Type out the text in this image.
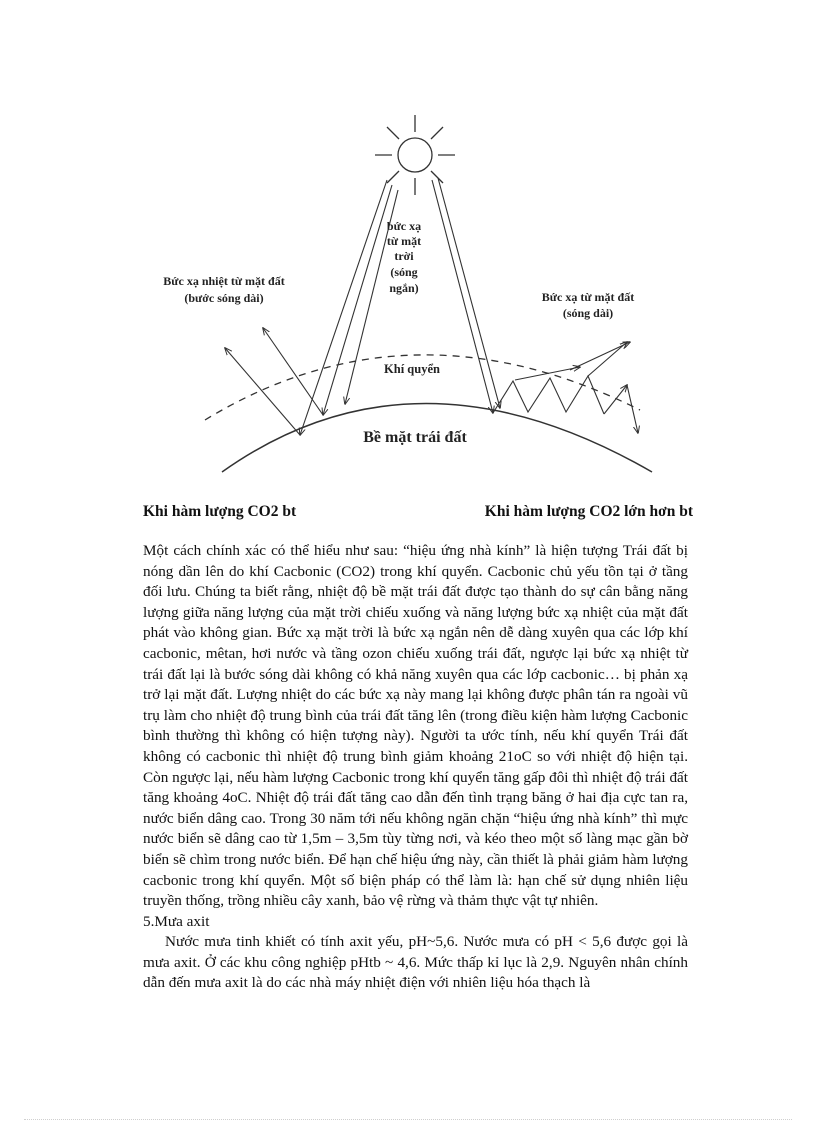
bức xạ
từ mặt
trời
(sóng
ngắn)
Bức xạ nhiệt từ mặt đất
(bước sóng dài)	Bức xạ từ mặt đất
(sóng dài)
Khí quyển
Bề mặt trái đất
Khi hàm lượng CO2 bt	Khi hàm lượng CO2 lớn hơn bt

Một cách chính xác có thể hiểu như sau: “hiệu ứng nhà kính” là hiện tượng Trái đất bị nóng dần lên do khí Cacbonic (CO2) trong khí quyển. Cacbonic chủ yếu tồn tại ở tầng đối lưu. Chúng ta biết rằng, nhiệt độ bề mặt trái đất được tạo thành do sự cân bằng năng lượng giữa năng lượng của mặt trời chiếu xuống và năng lượng bức xạ nhiệt của mặt đất phát vào không gian. Bức xạ mặt trời là bức xạ ngắn nên dễ dàng xuyên qua các lớp khí cacbonic, mêtan, hơi nước và tầng ozon chiếu xuống trái đất, ngược lại bức xạ nhiệt từ trái đất lại là bước sóng dài không có khả năng xuyên qua các lớp cacbonic… bị phản xạ trở lại mặt đất. Lượng nhiệt do các bức xạ này mang lại không được phân tán ra ngoài vũ trụ làm cho nhiệt độ trung bình của trái đất tăng lên (trong điều kiện hàm lượng Cacbonic bình thường thì không có hiện tượng này). Người ta ước tính, nếu khí quyển Trái đất không có cacbonic thì nhiệt độ trung bình giảm khoảng 21oC so với nhiệt độ hiện tại. Còn ngược lại, nếu hàm lượng Cacbonic trong khí quyển tăng gấp đôi thì nhiệt độ trái đất tăng khoảng 4oC. Nhiệt độ trái đất tăng cao dẫn đến tình trạng băng ở hai địa cực tan ra, nước biển dâng cao. Trong 30 năm tới nếu không ngăn chặn “hiệu ứng nhà kính” thì mực nước biển sẽ dâng cao từ 1,5m – 3,5m tùy từng nơi, và kéo theo một số làng mạc gần bờ biển sẽ chìm trong nước biển. Để hạn chế hiệu ứng này, cần thiết là phải giảm hàm lượng cacbonic trong khí quyển. Một số biện pháp có thể làm là: hạn chế sử dụng nhiên liệu truyền thống, trồng nhiều cây xanh, bảo vệ rừng và thảm thực vật tự nhiên.

5.Mưa axit

Nước mưa tinh khiết có tính axit yếu, pH~5,6. Nước mưa có pH < 5,6 được gọi là mưa axit. Ở các khu công nghiệp pHtb ~ 4,6. Mức thấp kỉ lục là 2,9. Nguyên nhân chính dẫn đến mưa axit là do các nhà máy nhiệt điện với nhiên liệu hóa thạch là
